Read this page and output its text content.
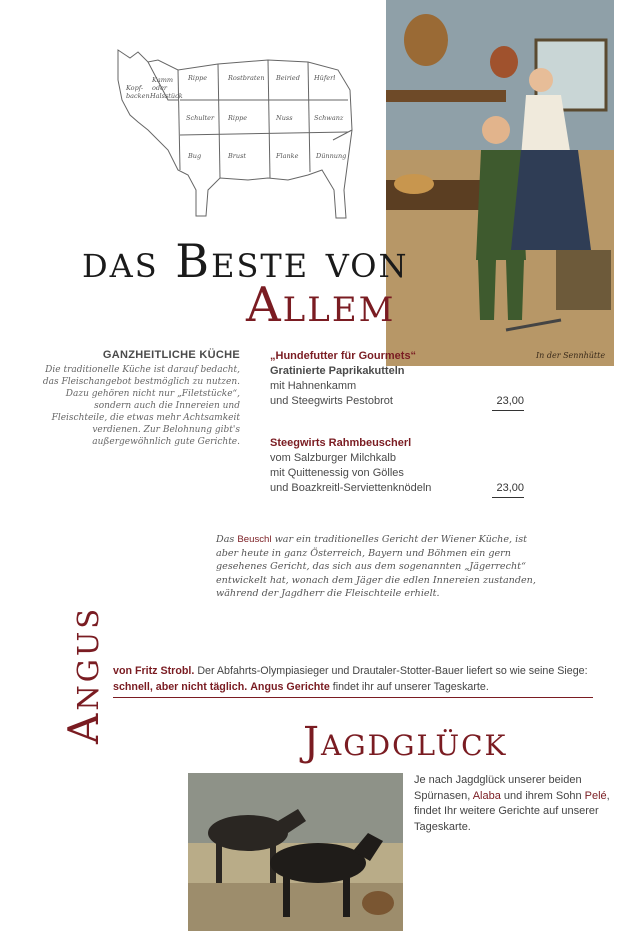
Kopf-
backen
Kamm
oder
Halsstück
Rippe	Rostbraten Beiried Hüferl
Schulter Rippe	Nuss	Schwanz
Bug	Brust	Flanke	Dünnung
In der Sennhütte
das Beste von
Allem
GANZHEITLICHE KÜCHE
Die traditionelle Küche ist darauf bedacht, das Fleischangebot bestmöglich zu nutzen. Dazu gehören nicht nur „Filetstücke“, sondern auch die Innereien und Fleischteile, die etwas mehr Achtsamkeit verdienen. Zur Belohnung gibt's außergewöhnlich gute Gerichte.
„Hundefutter für Gourmets“
Gratinierte Paprikakutteln
mit Hahnenkamm
und Steegwirts Pestobrot	23,00
Steegwirts Rahmbeuscherl
vom Salzburger Milchkalb
mit Quittenessig von Gölles
und Boazkreitl-Serviettenknödeln	23,00
Das Beuschl war ein traditionelles Gericht der Wiener Küche, ist aber heute in ganz Österreich, Bayern und Böhmen ein gern gesehenes Gericht, das sich aus dem sogenannten „Jägerrecht“ entwickelt hat, wonach dem Jäger die edlen Innereien zustanden, während der Jagdherr die Fleischteile erhielt.
Angus von Fritz Strobl. Der Abfahrts-Olympiasieger und Drautaler-Stotter-Bauer liefert so wie seine Siege: schnell, aber nicht täglich. Angus Gerichte findet ihr auf unserer Tageskarte.
Jagdglück
Je nach Jagdglück unserer beiden Spürnasen, Alaba und ihrem Sohn Pelé, findet Ihr weitere Gerichte auf unserer Tageskarte.
